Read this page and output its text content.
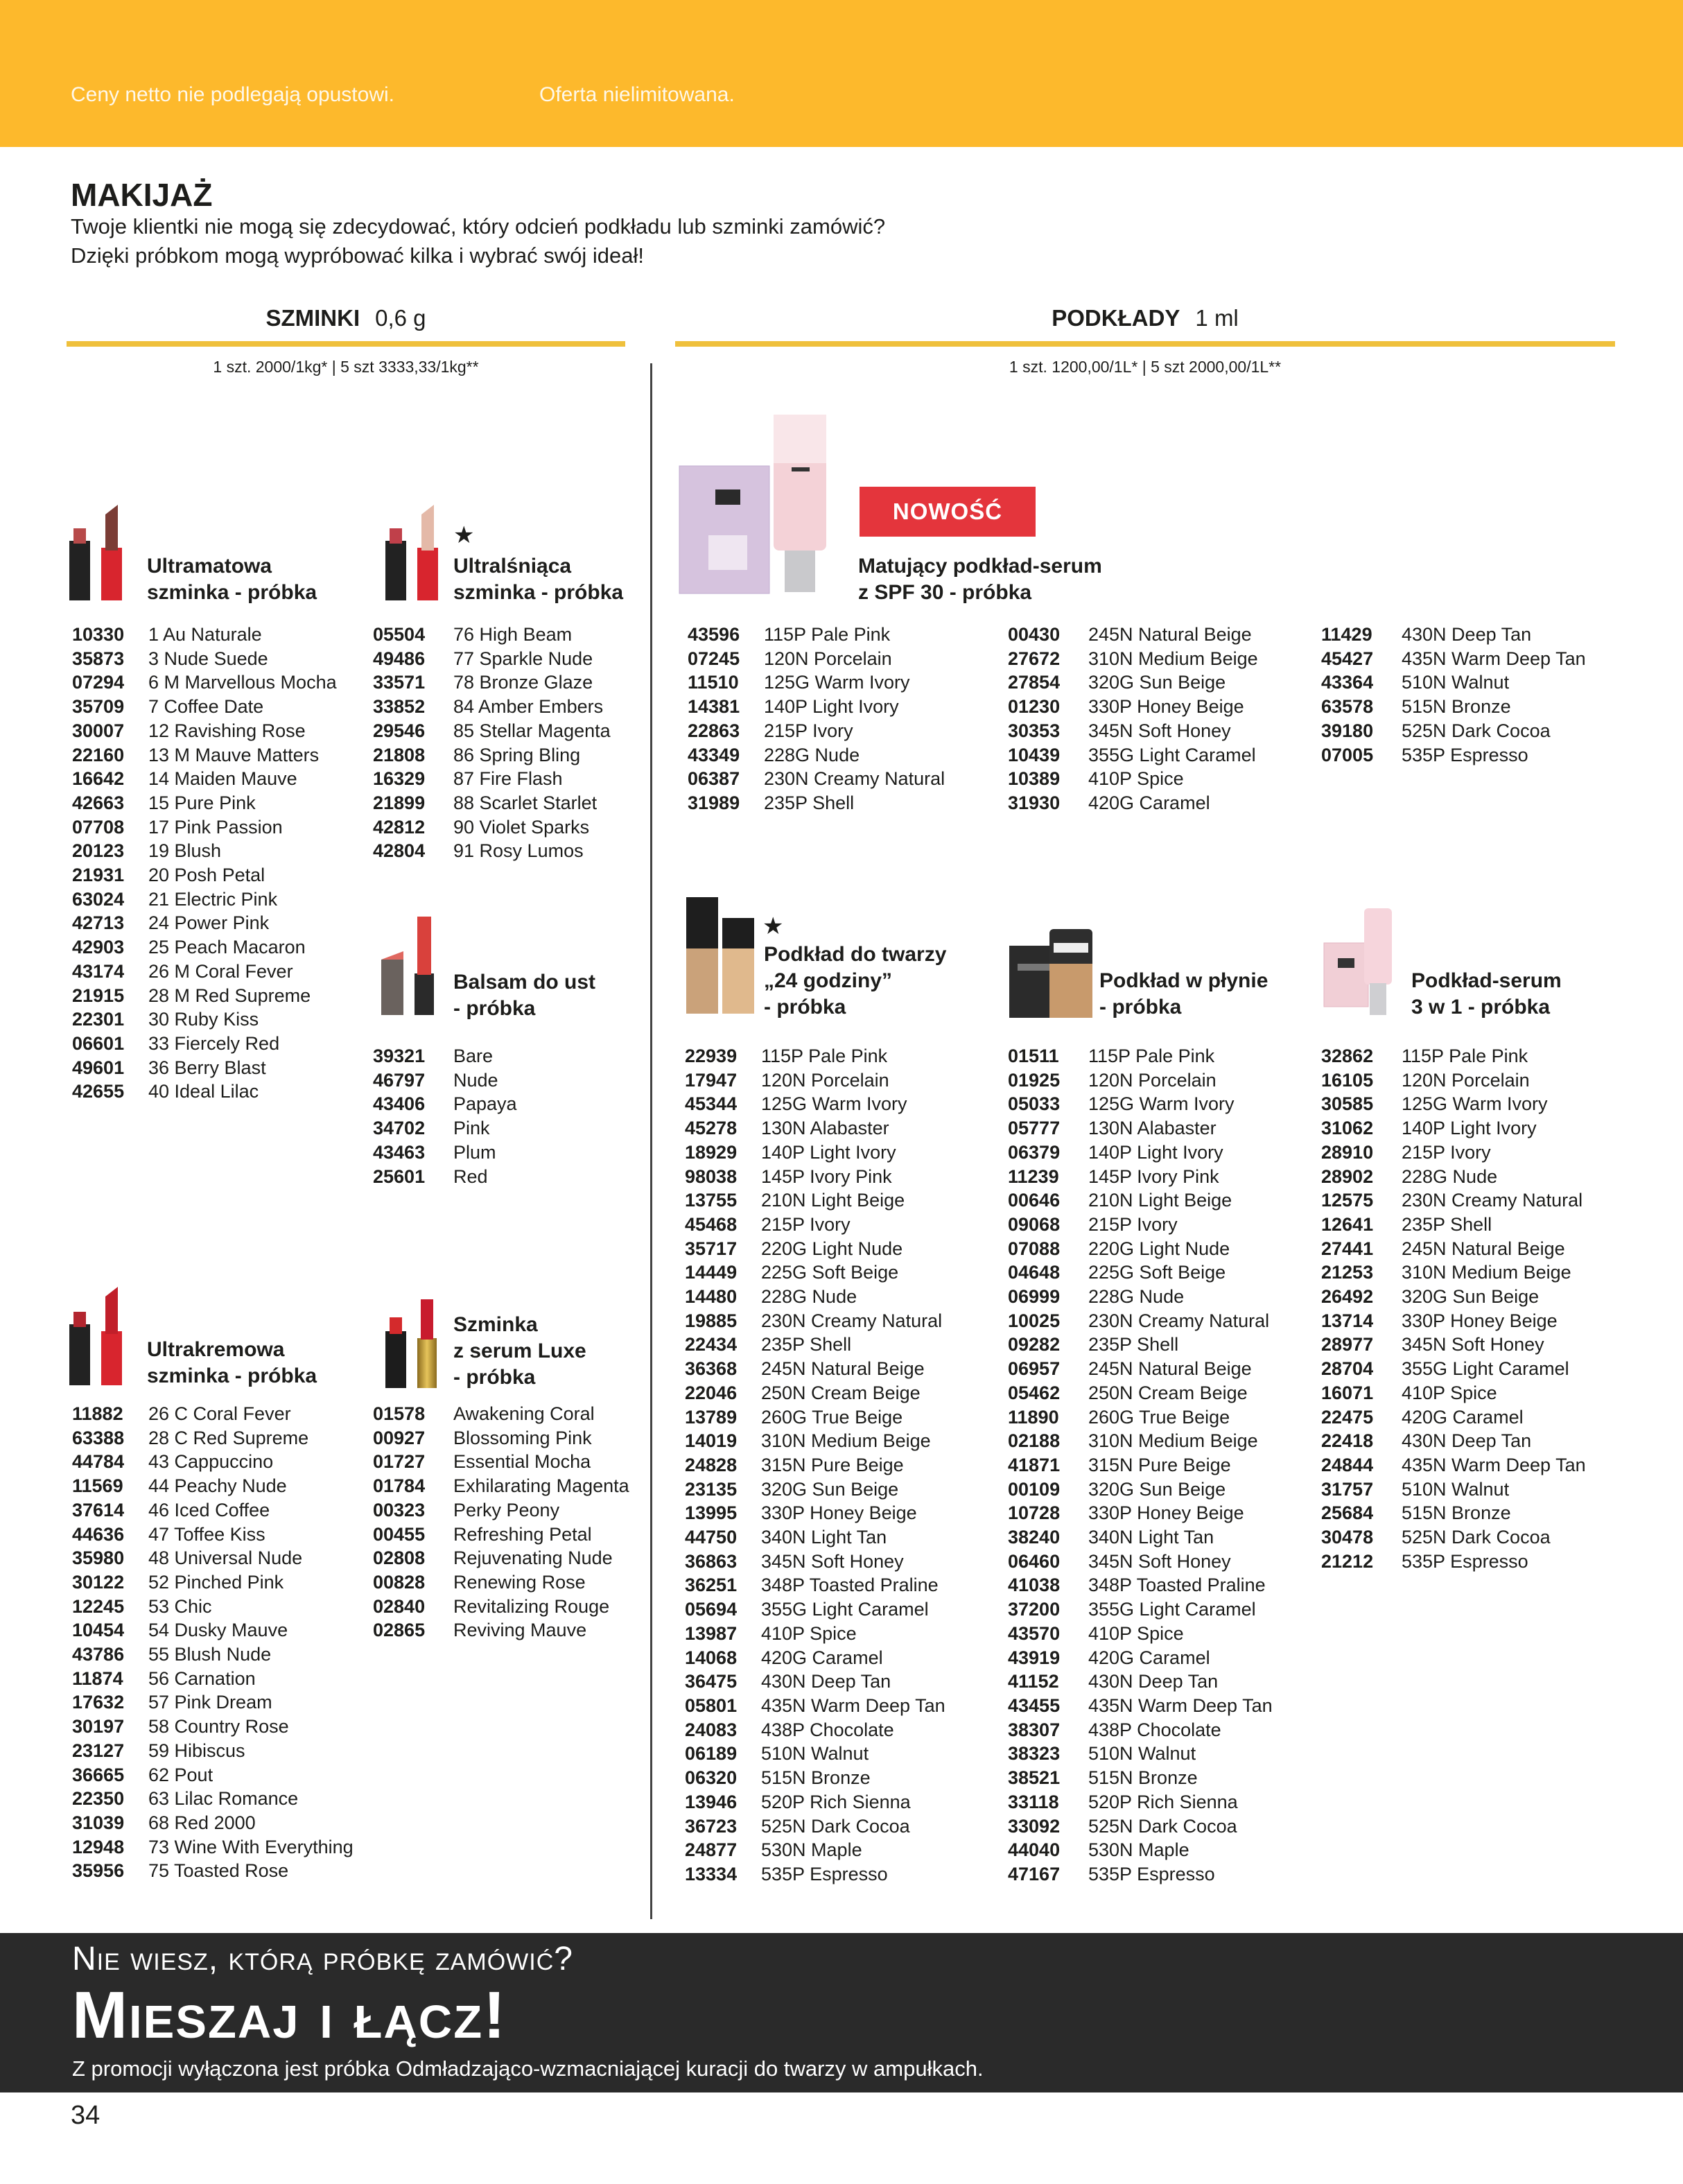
Ceny netto nie podlegają opustowi.	Oferta nielimitowana.
MAKIJAŻ
Twoje klientki nie mogą się zdecydować, który odcień podkładu lub szminki zamówić?
Dzięki próbkom mogą wypróbować kilka i wybrać swój ideał!
SZMINKI 0,6 g
1 szt. 2000/1kg* | 5 szt 3333,33/1kg**
PODKŁADY 1 ml
1 szt. 1200,00/1L* | 5 szt 2000,00/1L**
Ultramatowa
szminka - próbka
★
Ultralśniąca
szminka - próbka
Balsam do ust
- próbka
Ultrakremowa
szminka - próbka
Szminka
z serum Luxe
- próbka
NOWOŚĆ
Matujący podkład-serum
z SPF 30 - próbka
★
Podkład do twarzy
„24 godziny”
- próbka
Podkład w płynie
- próbka
Podkład-serum
3 w 1 - próbka
10330 1 Au Naturale
35873 3 Nude Suede
07294 6 M Marvellous Mocha
35709 7 Coffee Date
30007 12 Ravishing Rose
22160 13 M Mauve Matters
16642 14 Maiden Mauve
42663 15 Pure Pink
07708 17 Pink Passion
20123 19 Blush
21931 20 Posh Petal
63024 21 Electric Pink
42713 24 Power Pink
42903 25 Peach Macaron
43174 26 M Coral Fever
21915 28 M Red Supreme
22301 30 Ruby Kiss
06601 33 Fiercely Red
49601 36 Berry Blast
42655 40 Ideal Lilac
05504 76 High Beam
49486 77 Sparkle Nude
33571 78 Bronze Glaze
33852 84 Amber Embers
29546 85 Stellar Magenta
21808 86 Spring Bling
16329 87 Fire Flash
21899 88 Scarlet Starlet
42812 90 Violet Sparks
42804 91 Rosy Lumos
39321 Bare
46797 Nude
43406 Papaya
34702 Pink
43463 Plum
25601 Red
11882 26 C Coral Fever
63388 28 C Red Supreme
44784 43 Cappuccino
11569 44 Peachy Nude
37614 46 Iced Coffee
44636 47 Toffee Kiss
35980 48 Universal Nude
30122 52 Pinched Pink
12245 53 Chic
10454 54 Dusky Mauve
43786 55 Blush Nude
11874 56 Carnation
17632 57 Pink Dream
30197 58 Country Rose
23127 59 Hibiscus
36665 62 Pout
22350 63 Lilac Romance
31039 68 Red 2000
12948 73 Wine With Everything
35956 75 Toasted Rose
01578 Awakening Coral
00927 Blossoming Pink
01727 Essential Mocha
01784 Exhilarating Magenta
00323 Perky Peony
00455 Refreshing Petal
02808 Rejuvenating Nude
00828 Renewing Rose
02840 Revitalizing Rouge
02865 Reviving Mauve
43596 115P Pale Pink
07245 120N Porcelain
11510 125G Warm Ivory
14381 140P Light Ivory
22863 215P Ivory
43349 228G Nude
06387 230N Creamy Natural
31989 235P Shell
00430 245N Natural Beige
27672 310N Medium Beige
27854 320G Sun Beige
01230 330P Honey Beige
30353 345N Soft Honey
10439 355G Light Caramel
10389 410P Spice
31930 420G Caramel
11429 430N Deep Tan
45427 435N Warm Deep Tan
43364 510N Walnut
63578 515N Bronze
39180 525N Dark Cocoa
07005 535P Espresso
22939 115P Pale Pink
17947 120N Porcelain
45344 125G Warm Ivory
45278 130N Alabaster
18929 140P Light Ivory
98038 145P Ivory Pink
13755 210N Light Beige
45468 215P Ivory
35717 220G Light Nude
14449 225G Soft Beige
14480 228G Nude
19885 230N Creamy Natural
22434 235P Shell
36368 245N Natural Beige
22046 250N Cream Beige
13789 260G True Beige
14019 310N Medium Beige
24828 315N Pure Beige
23135 320G Sun Beige
13995 330P Honey Beige
44750 340N Light Tan
36863 345N Soft Honey
36251 348P Toasted Praline
05694 355G Light Caramel
13987 410P Spice
14068 420G Caramel
36475 430N Deep Tan
05801 435N Warm Deep Tan
24083 438P Chocolate
06189 510N Walnut
06320 515N Bronze
13946 520P Rich Sienna
36723 525N Dark Cocoa
24877 530N Maple
13334 535P Espresso
01511 115P Pale Pink
01925 120N Porcelain
05033 125G Warm Ivory
05777 130N Alabaster
06379 140P Light Ivory
11239 145P Ivory Pink
00646 210N Light Beige
09068 215P Ivory
07088 220G Light Nude
04648 225G Soft Beige
06999 228G Nude
10025 230N Creamy Natural
09282 235P Shell
06957 245N Natural Beige
05462 250N Cream Beige
11890 260G True Beige
02188 310N Medium Beige
41871 315N Pure Beige
00109 320G Sun Beige
10728 330P Honey Beige
38240 340N Light Tan
06460 345N Soft Honey
41038 348P Toasted Praline
37200 355G Light Caramel
43570 410P Spice
43919 420G Caramel
41152 430N Deep Tan
43455 435N Warm Deep Tan
38307 438P Chocolate
38323 510N Walnut
38521 515N Bronze
33118 520P Rich Sienna
33092 525N Dark Cocoa
44040 530N Maple
47167 535P Espresso
32862 115P Pale Pink
16105 120N Porcelain
30585 125G Warm Ivory
31062 140P Light Ivory
28910 215P Ivory
28902 228G Nude
12575 230N Creamy Natural
12641 235P Shell
27441 245N Natural Beige
21253 310N Medium Beige
26492 320G Sun Beige
13714 330P Honey Beige
28977 345N Soft Honey
28704 355G Light Caramel
16071 410P Spice
22475 420G Caramel
22418 430N Deep Tan
24844 435N Warm Deep Tan
31757 510N Walnut
25684 515N Bronze
30478 525N Dark Cocoa
21212 535P Espresso
Nie wiesz, którą próbkę zamówić?
Mieszaj i łącz!
Z promocji wyłączona jest próbka Odmładzająco-wzmacniającej kuracji do twarzy w ampułkach.
34
